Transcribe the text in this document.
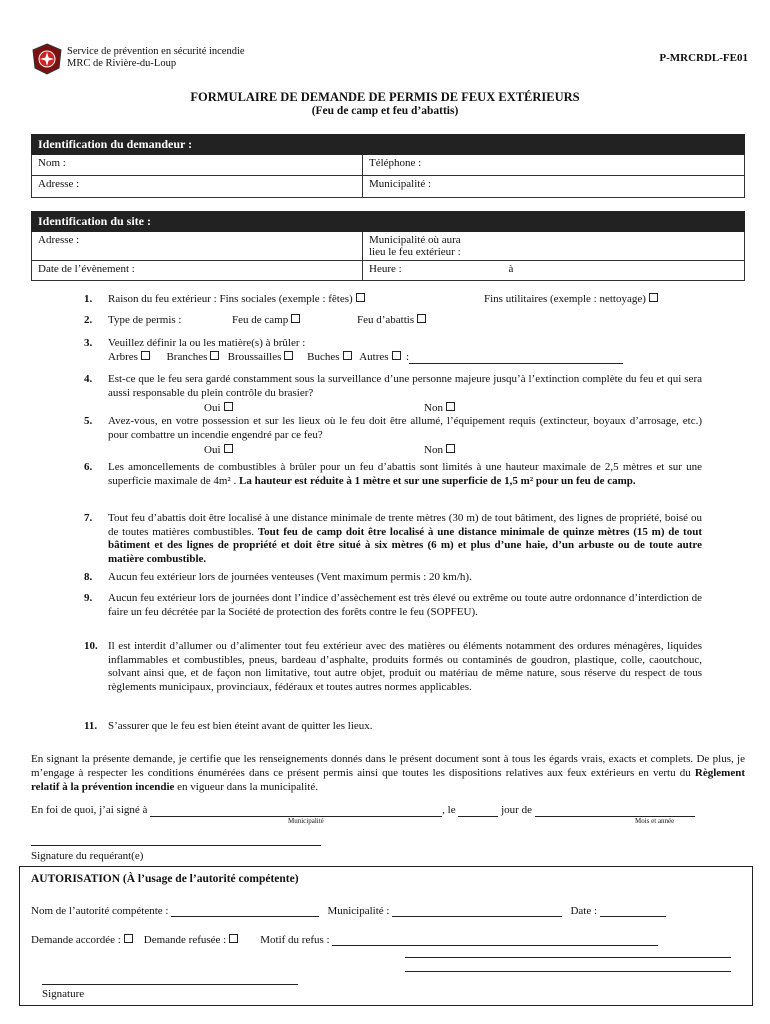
Service de prévention en sécurité incendie
MRC de Rivière-du-Loup	P-MRCRDL-FE01
FORMULAIRE DE DEMANDE DE PERMIS DE FEUX EXTÉRIEURS
(Feu de camp et feu d’abattis)
Identification du demandeur :	
Nom :	Téléphone :
Adresse :	Municipalité :
Identification du site :	
Adresse :	Municipalité où aura
lieu le feu extérieur :

Date de l’évènement :	Heure : à
1.	Raison du feu extérieur : Fins sociales (exemple : fêtes)	Fins utilitaires (exemple : nettoyage)
2.	Type de permis :	Feu de camp	Feu d’abattis
3.	Veuillez définir la ou les matière(s) à brûler :
Arbres	Branches Broussailles Buches Autres :
4.	Est-ce que le feu sera gardé constamment sous la surveillance d’une personne majeure jusqu’à l’extinction complète du feu et qui sera aussi responsable du plein contrôle du brasier?
Oui	Non
5.	Avez-vous, en votre possession et sur les lieux où le feu doit être allumé, l’équipement requis (extincteur, boyaux d’arrosage, etc.) pour combattre un incendie engendré par ce feu?
Oui	Non
6.	Les amoncellements de combustibles à brûler pour un feu d’abattis sont limités à une hauteur maximale de 2,5 mètres et sur une superficie maximale de 4m² . La hauteur est réduite à 1 mètre et sur une superficie de 1,5 m² pour un feu de camp.
7.	Tout feu d’abattis doit être localisé à une distance minimale de trente mètres (30 m) de tout bâtiment, des lignes de propriété, boisé ou de toutes matières combustibles. Tout feu de camp doit être localisé à une distance minimale de quinze mètres (15 m) de tout bâtiment et des lignes de propriété et doit être situé à six mètres (6 m) et plus d’une haie, d’un arbuste ou de toute autre matière combustible.
8.	Aucun feu extérieur lors de journées venteuses (Vent maximum permis : 20 km/h).
9.	Aucun feu extérieur lors de journées dont l’indice d’assèchement est très élevé ou extrême ou toute autre ordonnance d’interdiction de faire un feu décrétée par la Société de protection des forêts contre le feu (SOPFEU).
10. Il est interdit d’allumer ou d’alimenter tout feu extérieur avec des matières ou éléments notamment des ordures ménagères, liquides inflammables et combustibles, pneus, bardeau d’asphalte, produits formés ou contaminés de goudron, plastique, colle, caoutchouc, solvant ainsi que, et de façon non limitative, tout autre objet, produit ou matériau de même nature, sous réserve du respect de tous règlements municipaux, provinciaux, fédéraux et toutes autres normes applicables.
11. S’assurer que le feu est bien éteint avant de quitter les lieux.
En signant la présente demande, je certifie que les renseignements donnés dans le présent document sont à tous les égards vrais, exacts et complets. De plus, je m’engage à respecter les conditions énumérées dans ce présent permis ainsi que toutes les dispositions relatives aux feux extérieurs en vertu du Règlement relatif à la prévention incendie en vigueur dans la municipalité.
En foi de quoi, j’ai signé à	, le	jour de
Municipalité	Mois et année
Signature du requérant(e)
AUTORISATION (À l’usage de l’autorité compétente)
Nom de l’autorité compétente :	Municipalité :	Date :
Demande accordée : Demande refusée :	Motif du refus :
Signature
